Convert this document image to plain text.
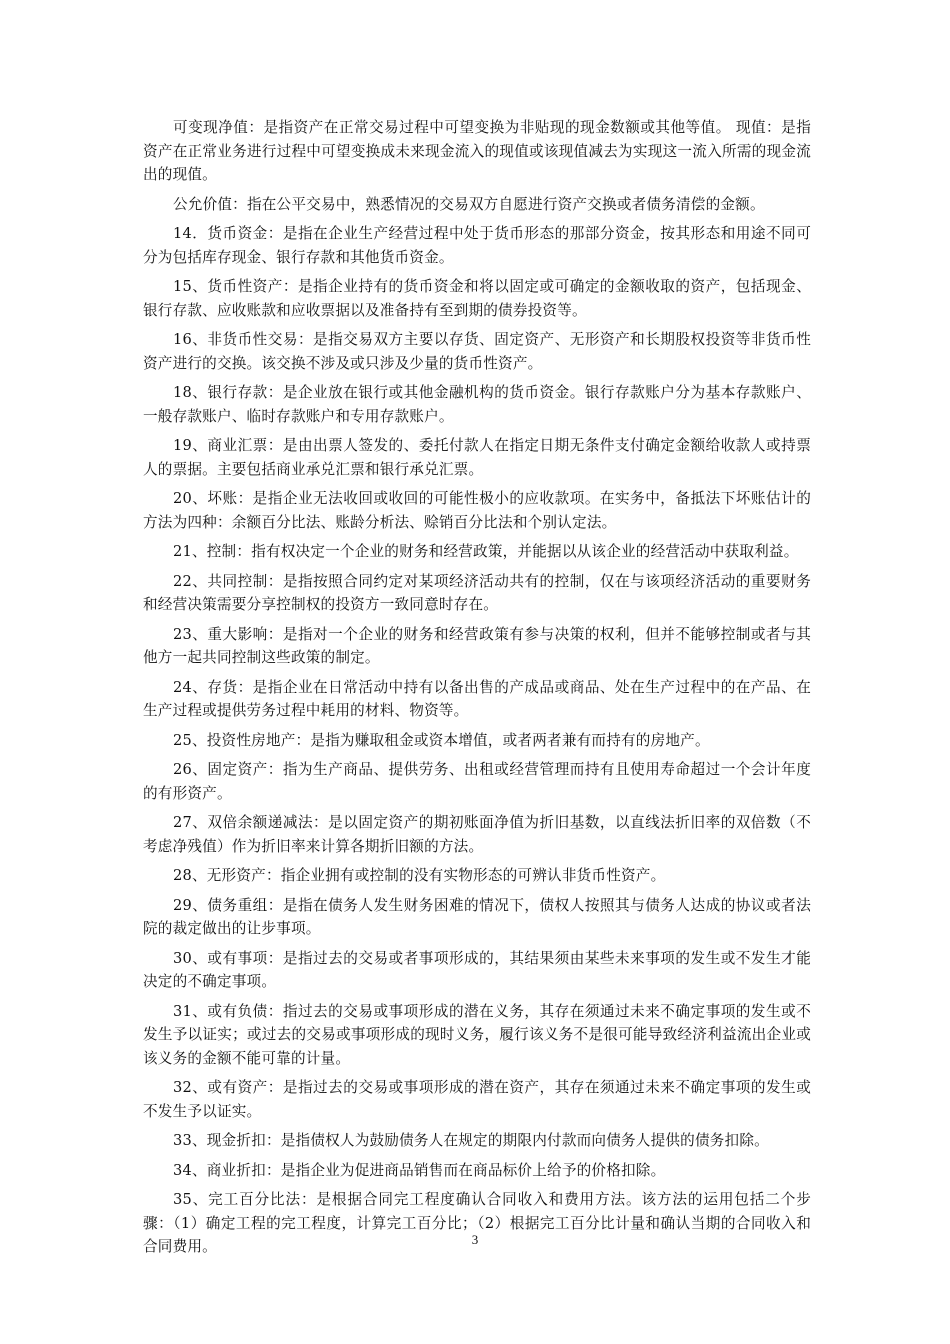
可变现净值：是指资产在正常交易过程中可望变换为非贴现的现金数额或其他等值。 现值：是指资产在正常业务进行过程中可望变换成未来现金流入的现值或该现值减去为实现这一流入所需的现金流出的现值。

公允价值：指在公平交易中，熟悉情况的交易双方自愿进行资产交换或者债务清偿的金额。

14．货币资金：是指在企业生产经营过程中处于货币形态的那部分资金，按其形态和用途不同可分为包括库存现金、银行存款和其他货币资金。

15、货币性资产：是指企业持有的货币资金和将以固定或可确定的金额收取的资产，包括现金、银行存款、应收账款和应收票据以及准备持有至到期的债券投资等。

16、非货币性交易：是指交易双方主要以存货、固定资产、无形资产和长期股权投资等非货币性资产进行的交换。该交换不涉及或只涉及少量的货币性资产。

18、银行存款：是企业放在银行或其他金融机构的货币资金。银行存款账户分为基本存款账户、一般存款账户、临时存款账户和专用存款账户。

19、商业汇票：是由出票人签发的、委托付款人在指定日期无条件支付确定金额给收款人或持票人的票据。主要包括商业承兑汇票和银行承兑汇票。

20、坏账：是指企业无法收回或收回的可能性极小的应收款项。在实务中，备抵法下坏账估计的方法为四种：余额百分比法、账龄分析法、赊销百分比法和个别认定法。

21、控制：指有权决定一个企业的财务和经营政策，并能据以从该企业的经营活动中获取利益。

22、共同控制：是指按照合同约定对某项经济活动共有的控制，仅在与该项经济活动的重要财务和经营决策需要分享控制权的投资方一致同意时存在。

23、重大影响：是指对一个企业的财务和经营政策有参与决策的权利，但并不能够控制或者与其他方一起共同控制这些政策的制定。

24、存货：是指企业在日常活动中持有以备出售的产成品或商品、处在生产过程中的在产品、在生产过程或提供劳务过程中耗用的材料、物资等。

25、投资性房地产：是指为赚取租金或资本增值，或者两者兼有而持有的房地产。

26、固定资产：指为生产商品、提供劳务、出租或经营管理而持有且使用寿命超过一个会计年度的有形资产。

27、双倍余额递减法：是以固定资产的期初账面净值为折旧基数，以直线法折旧率的双倍数（不考虑净残值）作为折旧率来计算各期折旧额的方法。

28、无形资产：指企业拥有或控制的没有实物形态的可辨认非货币性资产。

29、债务重组：是指在债务人发生财务困难的情况下，债权人按照其与债务人达成的协议或者法院的裁定做出的让步事项。

30、或有事项：是指过去的交易或者事项形成的，其结果须由某些未来事项的发生或不发生才能决定的不确定事项。

31、或有负债：指过去的交易或事项形成的潜在义务，其存在须通过未来不确定事项的发生或不发生予以证实；或过去的交易或事项形成的现时义务，履行该义务不是很可能导致经济利益流出企业或该义务的金额不能可靠的计量。

32、或有资产：是指过去的交易或事项形成的潜在资产，其存在须通过未来不确定事项的发生或不发生予以证实。

33、现金折扣：是指债权人为鼓励债务人在规定的期限内付款而向债务人提供的债务扣除。

34、商业折扣：是指企业为促进商品销售而在商品标价上给予的价格扣除。

35、完工百分比法：是根据合同完工程度确认合同收入和费用方法。该方法的运用包括二个步骤：（1）确定工程的完工程度，计算完工百分比；（2）根据完工百分比计量和确认当期的合同收入和合同费用。	3
